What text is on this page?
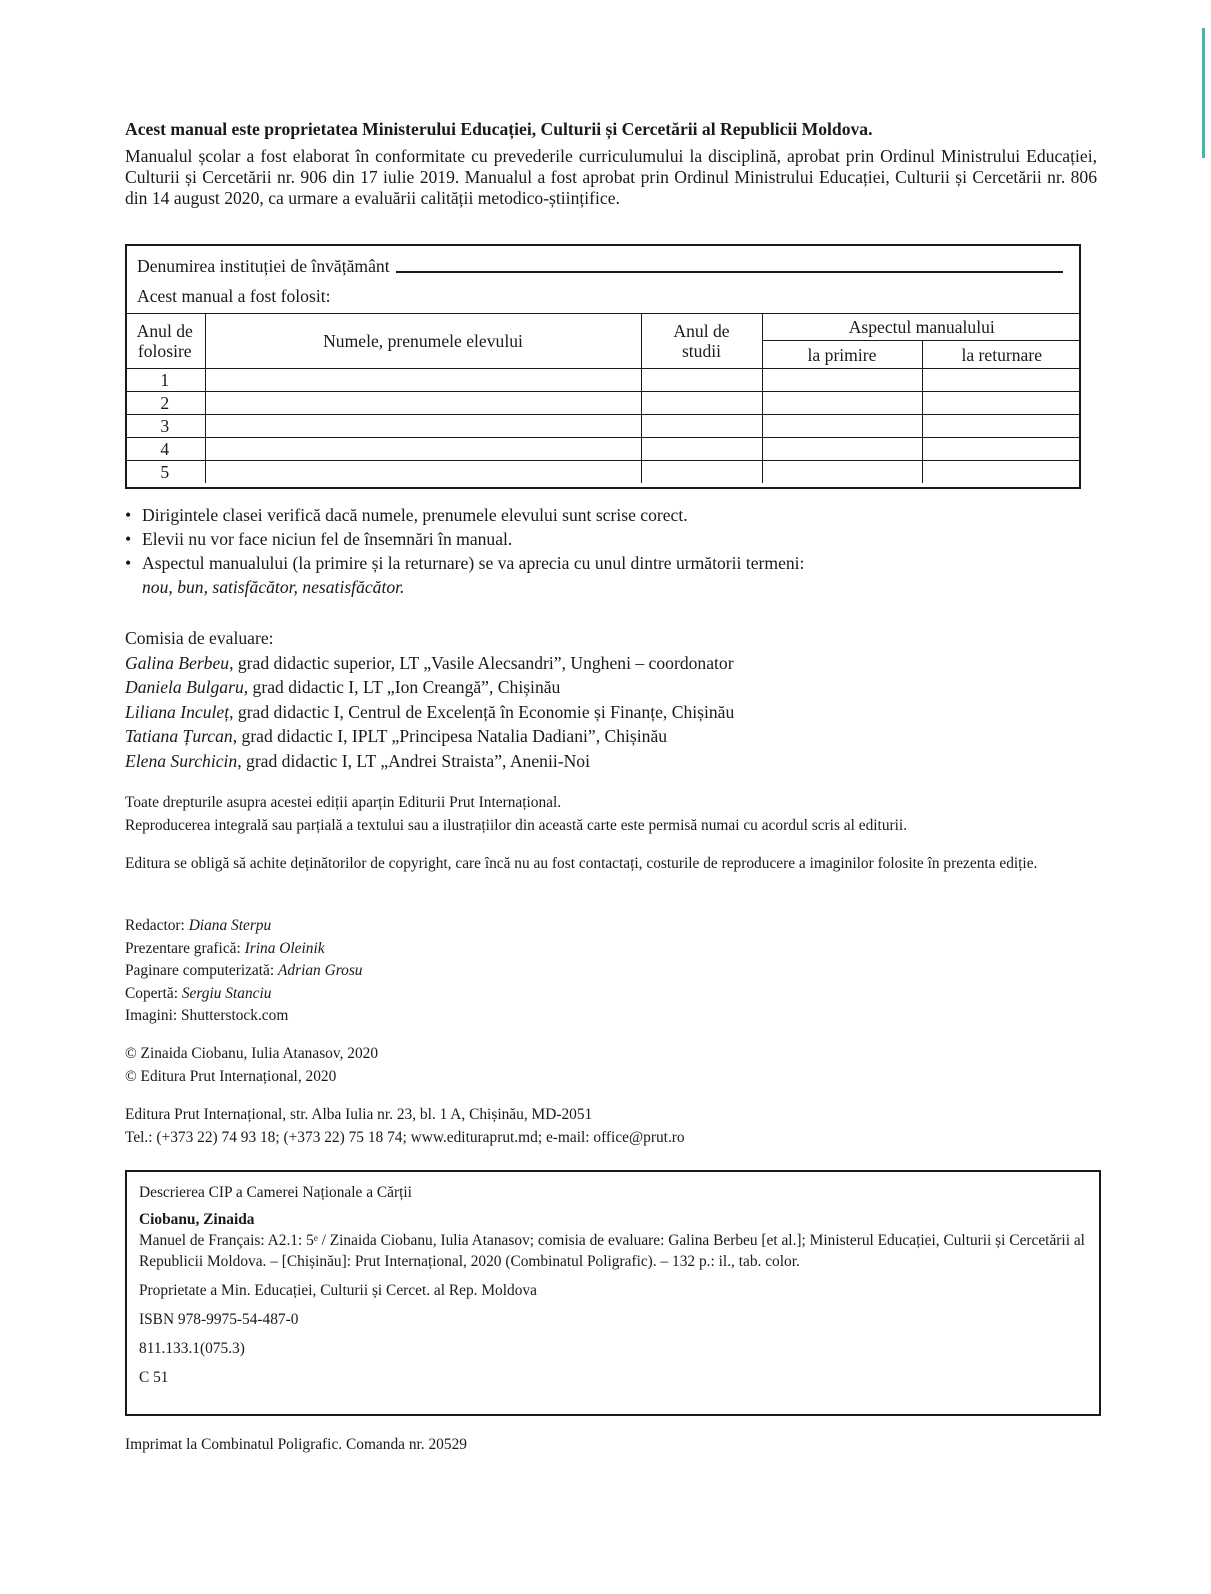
Acest manual este proprietatea Ministerului Educației, Culturii și Cercetării al Republicii Moldova.
Manualul școlar a fost elaborat în conformitate cu prevederile curriculumului la disciplină, aprobat prin Ordinul Ministrului Educației, Culturii și Cercetării nr. 906 din 17 iulie 2019. Manualul a fost aprobat prin Ordinul Ministrului Educației, Culturii și Cercetării nr. 806 din 14 august 2020, ca urmare a evaluării calității metodico-științifice.
Denumirea instituției de învățământ
Acest manual a fost folosit:
Anul de folosire	Numele, prenumele elevului	Anul de studii	Aspectul manualului	
			la primire	la returnare
1				
2				
3				
4				
5				
• Dirigintele clasei verifică dacă numele, prenumele elevului sunt scrise corect.
• Elevii nu vor face niciun fel de însemnări în manual.
• Aspectul manualului (la primire și la returnare) se va aprecia cu unul dintre următorii termeni:
nou, bun, satisfăcător, nesatisfăcător.
Comisia de evaluare:
Galina Berbeu, grad didactic superior, LT „Vasile Alecsandri”, Ungheni – coordonator
Daniela Bulgaru, grad didactic I, LT „Ion Creangă”, Chișinău
Liliana Inculeț, grad didactic I, Centrul de Excelență în Economie și Finanțe, Chișinău
Tatiana Țurcan, grad didactic I, IPLT „Principesa Natalia Dadiani”, Chișinău
Elena Surchicin, grad didactic I, LT „Andrei Straista”, Anenii-Noi
Toate drepturile asupra acestei ediții aparțin Editurii Prut Internațional.
Reproducerea integrală sau parțială a textului sau a ilustrațiilor din această carte este permisă numai cu acordul scris al editurii.
Editura se obligă să achite deținătorilor de copyright, care încă nu au fost contactați, costurile de reproducere a imaginilor folosite în prezenta ediție.
Redactor: Diana Sterpu
Prezentare grafică: Irina Oleinik
Paginare computerizată: Adrian Grosu
Copertă: Sergiu Stanciu
Imagini: Shutterstock.com
© Zinaida Ciobanu, Iulia Atanasov, 2020
© Editura Prut Internațional, 2020
Editura Prut Internațional, str. Alba Iulia nr. 23, bl. 1 A, Chișinău, MD-2051
Tel.: (+373 22) 74 93 18; (+373 22) 75 18 74; www.edituraprut.md; e-mail: office@prut.ro

Descrierea CIP a Camerei Naționale a Cărții

Ciobanu, Zinaida

Manuel de Français: A2.1: 5ᵉ / Zinaida Ciobanu, Iulia Atanasov; comisia de evaluare: Galina Berbeu [et al.]; Ministerul Educației, Culturii și Cercetării al Republicii Moldova. – [Chișinău]: Prut Internațional, 2020 (Combinatul Poligrafic). – 132 p.: il., tab. color.

Proprietate a Min. Educației, Culturii și Cercet. al Rep. Moldova

ISBN 978-9975-54-487-0

811.133.1(075.3)

C 51

Imprimat la Combinatul Poligrafic. Comanda nr. 20529
